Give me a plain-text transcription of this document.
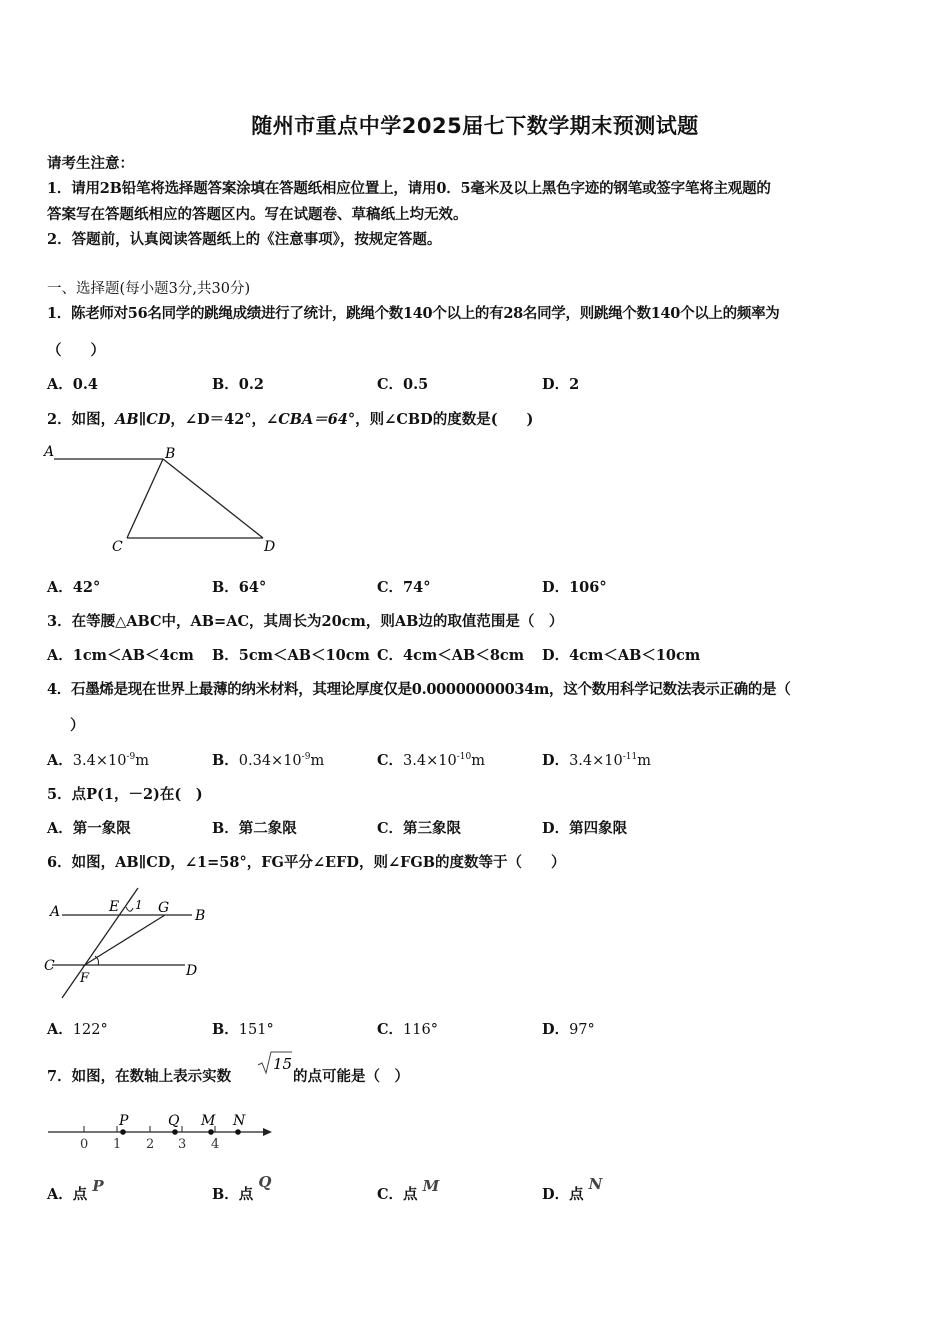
随州市重点中学2025届七下数学期末预测试题
请考生注意：
1．请用2B铅笔将选择题答案涂填在答题纸相应位置上，请用0．5毫米及以上黑色字迹的钢笔或签字笔将主观题的
答案写在答题纸相应的答题区内。写在试题卷、草稿纸上均无效。
2．答题前，认真阅读答题纸上的《注意事项》，按规定答题。
一、选择题(每小题3分,共30分)
1．陈老师对56名同学的跳绳成绩进行了统计，跳绳个数140个以上的有28名同学，则跳绳个数140个以上的频率为
（　　）
A．0.4	B．0.2	C．0.5	D．2
2．如图，AB∥CD，∠D＝42°，∠CBA＝64°，则∠CBD的度数是(　　)
A	B
C	D
A．42°	B．64°	C．74°	D．106°
3．在等腰△ABC中，AB=AC，其周长为20cm，则AB边的取值范围是（　）
A．1cm＜AB＜4cm B．5cm＜AB＜10cm C．4cm＜AB＜8cm D．4cm＜AB＜10cm
4．石墨烯是现在世界上最薄的纳米材料，其理论厚度仅是0.00000000034m，这个数用科学记数法表示正确的是（
）
A．$3.4\times 10^{-9}m$	B．$0.34\times 10^{-9}m$	C．$3.4\times 10^{-10}m$	D．$3.4\times 10^{-11}m$
5．点P(1，－2)在(　)
A．第一象限	B．第二象限	C．第三象限	D．第四象限
6．如图，AB∥CD，∠1=58°，FG平分∠EFD，则∠FGB的度数等于（　　）
A	E 1 G B
C
F	D
A．122°	B．151°	C．116°	D．97°
7．如图，在数轴上表示实数
15
的点可能是（　）
0 1 2 3 4
P	Q M N
A．点 P	B．点 Q
C．点 M	D．点 N
